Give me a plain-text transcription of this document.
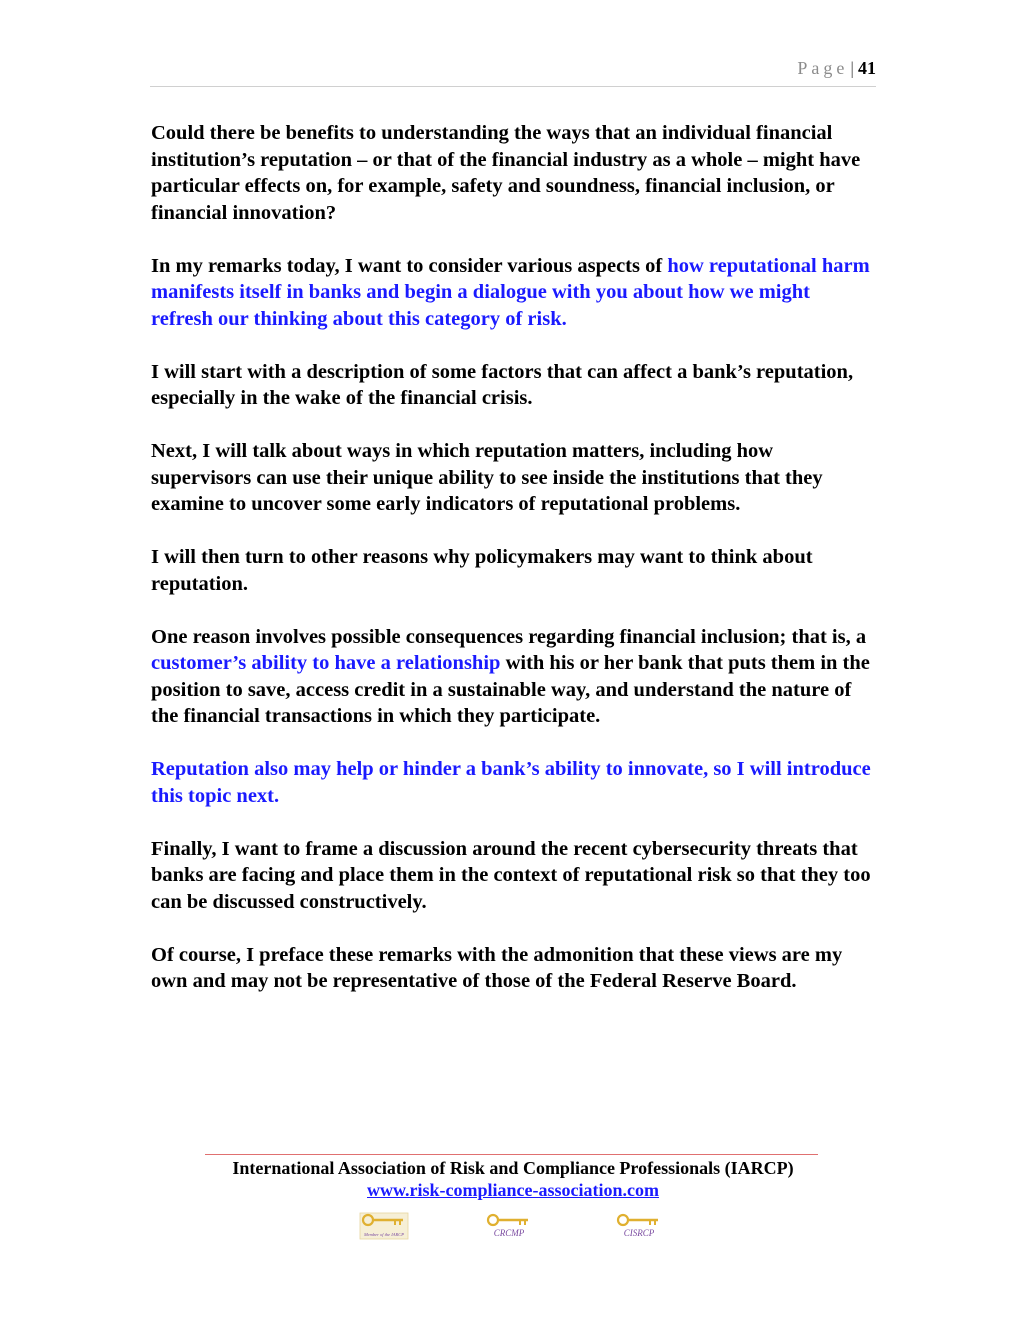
Page | 41

Could there be benefits to understanding the ways that an individual financial institution’s reputation – or that of the financial industry as a whole – might have particular effects on, for example, safety and soundness, financial inclusion, or financial innovation?

In my remarks today, I want to consider various aspects of how reputational harm manifests itself in banks and begin a dialogue with you about how we might refresh our thinking about this category of risk.

I will start with a description of some factors that can affect a bank’s reputation, especially in the wake of the financial crisis.

Next, I will talk about ways in which reputation matters, including how supervisors can use their unique ability to see inside the institutions that they examine to uncover some early indicators of reputational problems.

I will then turn to other reasons why policymakers may want to think about reputation.

One reason involves possible consequences regarding financial inclusion; that is, a customer’s ability to have a relationship with his or her bank that puts them in the position to save, access credit in a sustainable way, and understand the nature of the financial transactions in which they participate.

Reputation also may help or hinder a bank’s ability to innovate, so I will introduce this topic next.

Finally, I want to frame a discussion around the recent cybersecurity threats that banks are facing and place them in the context of reputational risk so that they too can be discussed constructively.

Of course, I preface these remarks with the admonition that these views are my own and may not be representative of those of the Federal Reserve Board.

International Association of Risk and Compliance Professionals (IARCP)
www.risk-compliance-association.com
Member of the IARCP	CRCMP	CISRCP
